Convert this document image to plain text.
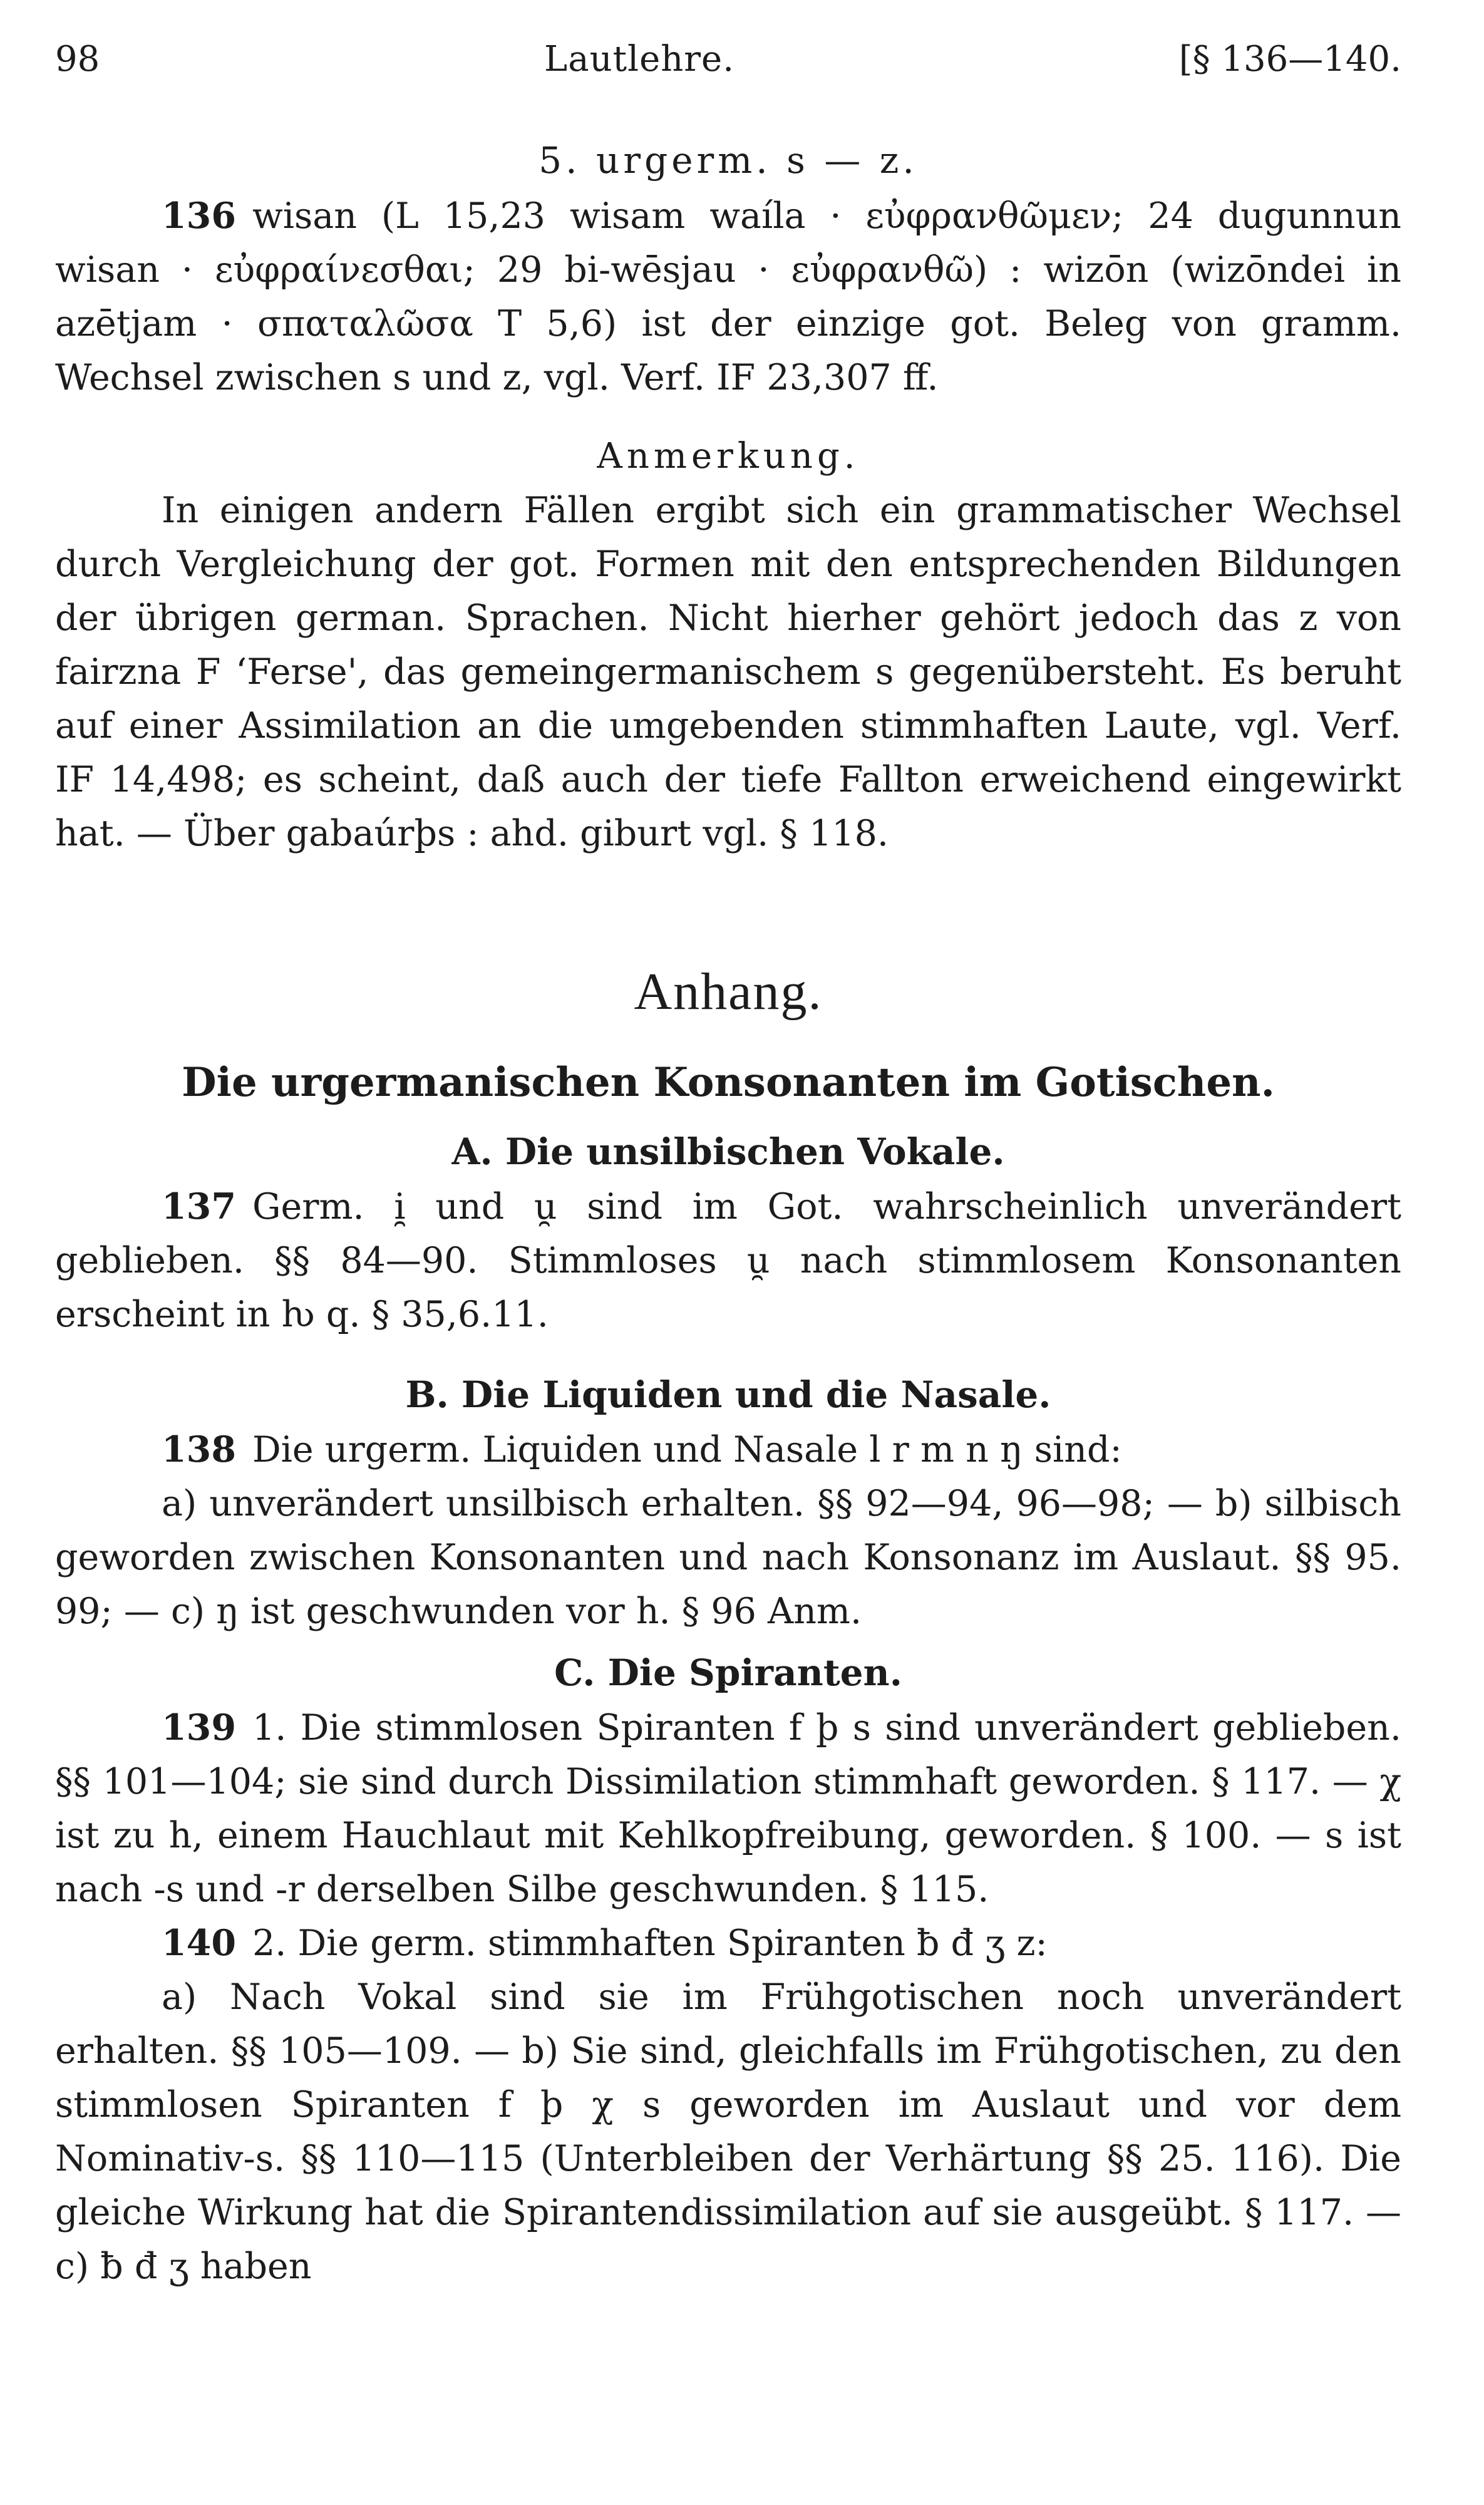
98	Lautlehre.	[§ 136—140.
5. urgerm. s — z.

136 wisan (L 15,23 wisam waíla · εὐφρανθῶμεν; 24 dugunnun wisan · εὐφραίνεσθαι; 29 bi-wēsjau · εὐφρανθῶ) : wizōn (wizōndei in azētjam · σπαταλῶσα T 5,6) ist der einzige got. Beleg von gramm. Wechsel zwischen s und z, vgl. Verf. IF 23,307 ff.

Anmerkung.

In einigen andern Fällen ergibt sich ein grammatischer Wechsel durch Vergleichung der got. Formen mit den entsprechenden Bildungen der übrigen german. Sprachen. Nicht hierher gehört jedoch das z von fairzna F ʻFerse', das gemeingermanischem s gegenübersteht. Es beruht auf einer Assimilation an die umgebenden stimmhaften Laute, vgl. Verf. IF 14,498; es scheint, daß auch der tiefe Fallton erweichend eingewirkt hat. — Über gabaúrþs : ahd. giburt vgl. § 118.

Anhang.
Die urgermanischen Konsonanten im Gotischen.
A. Die unsilbischen Vokale.

137 Germ. i̯ und u̯ sind im Got. wahrscheinlich unverändert geblieben. §§ 84—90. Stimmloses u̯ nach stimmlosem Konsonanten erscheint in ƕ q. § 35,6.11.

B. Die Liquiden und die Nasale.

138 Die urgerm. Liquiden und Nasale l r m n ŋ sind:

a) unverändert unsilbisch erhalten. §§ 92—94, 96—98; — b) silbisch geworden zwischen Konsonanten und nach Konsonanz im Auslaut. §§ 95. 99; — c) ŋ ist geschwunden vor h. § 96 Anm.

C. Die Spiranten.

139 1. Die stimmlosen Spiranten f þ s sind unverändert geblieben. §§ 101—104; sie sind durch Dissimilation stimmhaft geworden. § 117. — χ ist zu h, einem Hauchlaut mit Kehlkopfreibung, geworden. § 100. — s ist nach -s und -r derselben Silbe geschwunden. § 115.

140 2. Die germ. stimmhaften Spiranten ƀ đ ʒ z:

a) Nach Vokal sind sie im Frühgotischen noch unverändert erhalten. §§ 105—109. — b) Sie sind, gleichfalls im Frühgotischen, zu den stimmlosen Spiranten f þ χ s geworden im Auslaut und vor dem Nominativ-s. §§ 110—115 (Unterbleiben der Verhärtung §§ 25. 116). Die gleiche Wirkung hat die Spirantendissimilation auf sie ausgeübt. § 117. — c) ƀ đ ʒ haben
